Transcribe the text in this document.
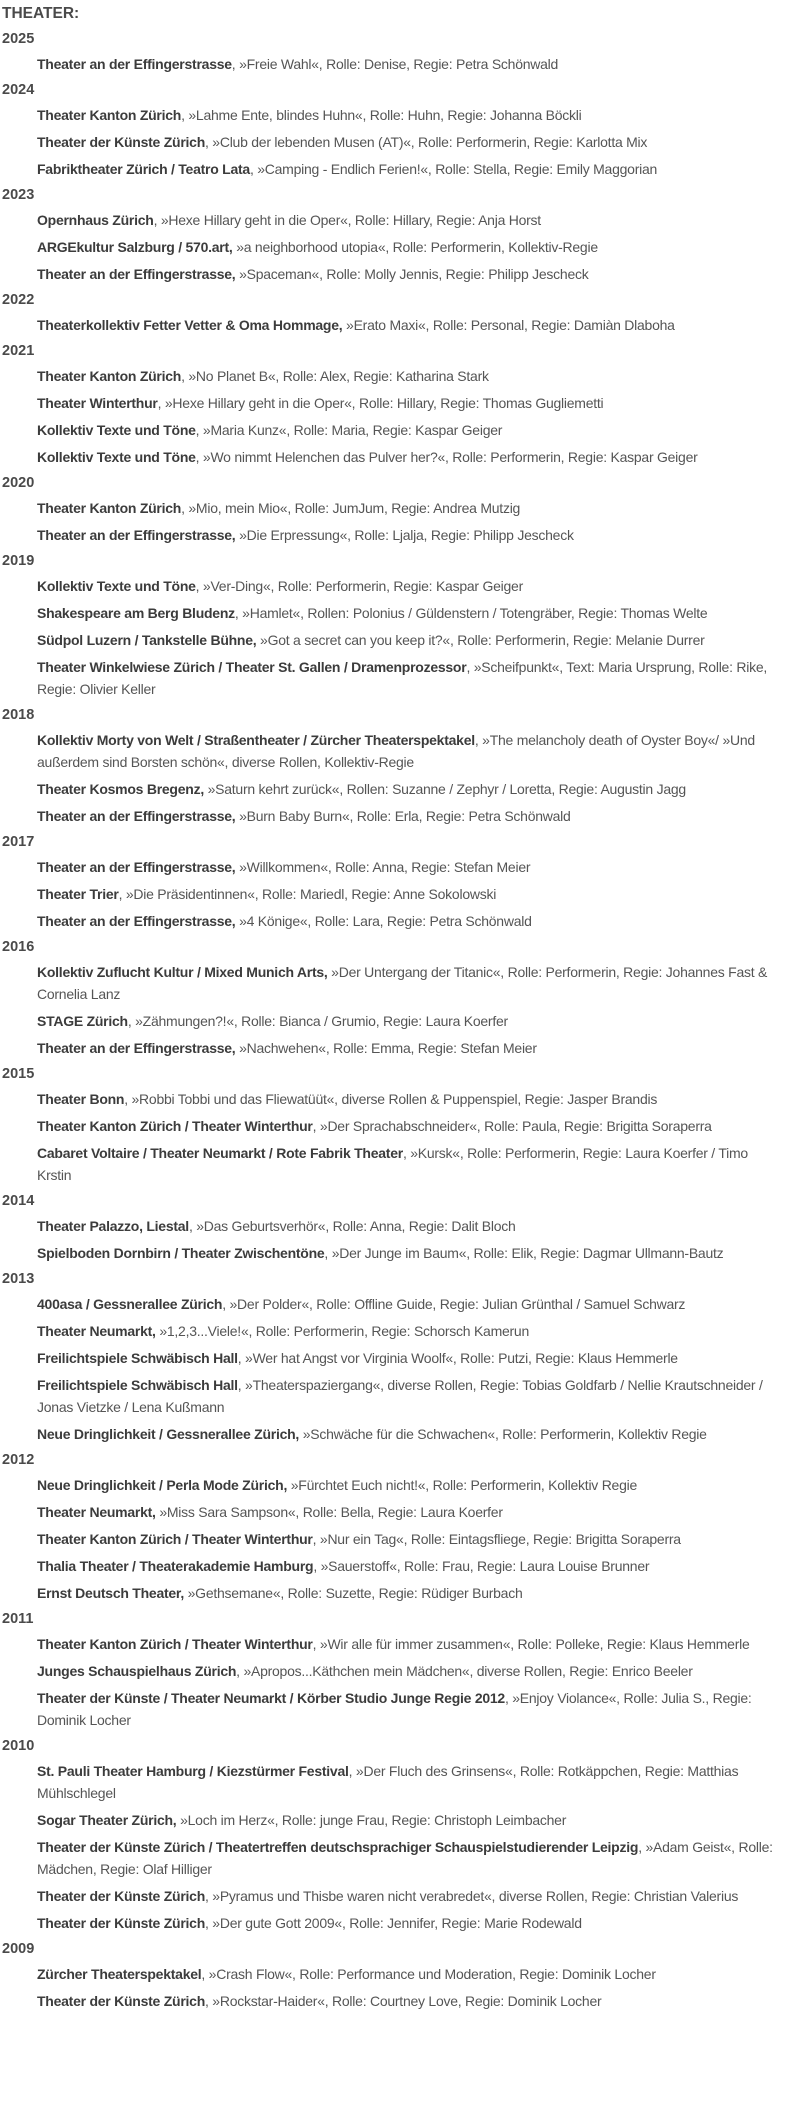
THEATER:
2025
Theater an der Effingerstrasse, »Freie Wahl«, Rolle: Denise, Regie: Petra Schönwald
2024
Theater Kanton Zürich, »Lahme Ente, blindes Huhn«, Rolle: Huhn, Regie: Johanna Böckli
Theater der Künste Zürich, »Club der lebenden Musen (AT)«, Rolle: Performerin, Regie: Karlotta Mix
Fabriktheater Zürich / Teatro Lata, »Camping - Endlich Ferien!«, Rolle: Stella, Regie: Emily Maggorian
2023
Opernhaus Zürich, »Hexe Hillary geht in die Oper«, Rolle: Hillary, Regie: Anja Horst
ARGEkultur Salzburg / 570.art, »a neighborhood utopia«, Rolle: Performerin, Kollektiv-Regie
Theater an der Effingerstrasse, »Spaceman«, Rolle: Molly Jennis, Regie: Philipp Jescheck
2022
Theaterkollektiv Fetter Vetter & Oma Hommage, »Erato Maxi«, Rolle: Personal, Regie: Damiàn Dlaboha
2021
Theater Kanton Zürich, »No Planet B«, Rolle: Alex, Regie: Katharina Stark
Theater Winterthur, »Hexe Hillary geht in die Oper«, Rolle: Hillary, Regie: Thomas Gugliemetti
Kollektiv Texte und Töne, »Maria Kunz«, Rolle: Maria, Regie: Kaspar Geiger
Kollektiv Texte und Töne, »Wo nimmt Helenchen das Pulver her?«, Rolle: Performerin, Regie: Kaspar Geiger
2020
Theater Kanton Zürich, »Mio, mein Mio«, Rolle: JumJum, Regie: Andrea Mutzig
Theater an der Effingerstrasse, »Die Erpressung«, Rolle: Ljalja, Regie: Philipp Jescheck
2019
Kollektiv Texte und Töne, »Ver-Ding«, Rolle: Performerin, Regie: Kaspar Geiger
Shakespeare am Berg Bludenz, »Hamlet«, Rollen: Polonius / Güldenstern / Totengräber, Regie: Thomas Welte
Südpol Luzern / Tankstelle Bühne, »Got a secret can you keep it?«, Rolle: Performerin, Regie: Melanie Durrer
Theater Winkelwiese Zürich / Theater St. Gallen / Dramenprozessor, »Scheifpunkt«, Text: Maria Ursprung, Rolle: Rike, Regie: Olivier Keller
2018
Kollektiv Morty von Welt / Straßentheater / Zürcher Theaterspektakel, »The melancholy death of Oyster Boy«/ »Und außerdem sind Borsten schön«, diverse Rollen, Kollektiv-Regie
Theater Kosmos Bregenz, »Saturn kehrt zurück«, Rollen: Suzanne / Zephyr / Loretta, Regie: Augustin Jagg
Theater an der Effingerstrasse, »Burn Baby Burn«, Rolle: Erla, Regie: Petra Schönwald
2017
Theater an der Effingerstrasse, »Willkommen«, Rolle: Anna, Regie: Stefan Meier
Theater Trier, »Die Präsidentinnen«, Rolle: Mariedl, Regie: Anne Sokolowski
Theater an der Effingerstrasse, »4 Könige«, Rolle: Lara, Regie: Petra Schönwald
2016
Kollektiv Zuflucht Kultur / Mixed Munich Arts, »Der Untergang der Titanic«, Rolle: Performerin, Regie: Johannes Fast & Cornelia Lanz
STAGE Zürich, »Zähmungen?!«, Rolle: Bianca / Grumio, Regie: Laura Koerfer
Theater an der Effingerstrasse, »Nachwehen«, Rolle: Emma, Regie: Stefan Meier
2015
Theater Bonn, »Robbi Tobbi und das Fliewatüüt«, diverse Rollen & Puppenspiel, Regie: Jasper Brandis
Theater Kanton Zürich / Theater Winterthur, »Der Sprachabschneider«, Rolle: Paula, Regie: Brigitta Soraperra
Cabaret Voltaire / Theater Neumarkt / Rote Fabrik Theater, »Kursk«, Rolle: Performerin, Regie: Laura Koerfer / Timo Krstin
2014
Theater Palazzo, Liestal, »Das Geburtsverhör«, Rolle: Anna, Regie: Dalit Bloch
Spielboden Dornbirn / Theater Zwischentöne, »Der Junge im Baum«, Rolle: Elik, Regie: Dagmar Ullmann-Bautz
2013
400asa / Gessnerallee Zürich, »Der Polder«, Rolle: Offline Guide, Regie: Julian Grünthal / Samuel Schwarz
Theater Neumarkt, »1,2,3...Viele!«, Rolle: Performerin, Regie: Schorsch Kamerun
Freilichtspiele Schwäbisch Hall, »Wer hat Angst vor Virginia Woolf«, Rolle: Putzi, Regie: Klaus Hemmerle
Freilichtspiele Schwäbisch Hall, »Theaterspaziergang«, diverse Rollen, Regie: Tobias Goldfarb / Nellie Krautschneider / Jonas Vietzke / Lena Kußmann
Neue Dringlichkeit / Gessnerallee Zürich, »Schwäche für die Schwachen«, Rolle: Performerin, Kollektiv Regie
2012
Neue Dringlichkeit / Perla Mode Zürich, »Fürchtet Euch nicht!«, Rolle: Performerin, Kollektiv Regie
Theater Neumarkt, »Miss Sara Sampson«, Rolle: Bella, Regie: Laura Koerfer
Theater Kanton Zürich / Theater Winterthur, »Nur ein Tag«, Rolle: Eintagsfliege, Regie: Brigitta Soraperra
Thalia Theater / Theaterakademie Hamburg, »Sauerstoff«, Rolle: Frau, Regie: Laura Louise Brunner
Ernst Deutsch Theater, »Gethsemane«, Rolle: Suzette, Regie: Rüdiger Burbach
2011
Theater Kanton Zürich / Theater Winterthur, »Wir alle für immer zusammen«, Rolle: Polleke, Regie: Klaus Hemmerle
Junges Schauspielhaus Zürich, »Apropos...Käthchen mein Mädchen«, diverse Rollen, Regie: Enrico Beeler
Theater der Künste / Theater Neumarkt / Körber Studio Junge Regie 2012, »Enjoy Violance«, Rolle: Julia S., Regie: Dominik Locher
2010
St. Pauli Theater Hamburg / Kiezstürmer Festival, »Der Fluch des Grinsens«, Rolle: Rotkäppchen, Regie: Matthias Mühlschlegel
Sogar Theater Zürich, »Loch im Herz«, Rolle: junge Frau, Regie: Christoph Leimbacher
Theater der Künste Zürich / Theatertreffen deutschsprachiger Schauspielstudierender Leipzig, »Adam Geist«, Rolle: Mädchen, Regie: Olaf Hilliger
Theater der Künste Zürich, »Pyramus und Thisbe waren nicht verabredet«, diverse Rollen, Regie: Christian Valerius
Theater der Künste Zürich, »Der gute Gott 2009«, Rolle: Jennifer, Regie: Marie Rodewald
2009
Zürcher Theaterspektakel, »Crash Flow«, Rolle: Performance und Moderation, Regie: Dominik Locher
Theater der Künste Zürich, »Rockstar-Haider«, Rolle: Courtney Love, Regie: Dominik Locher
